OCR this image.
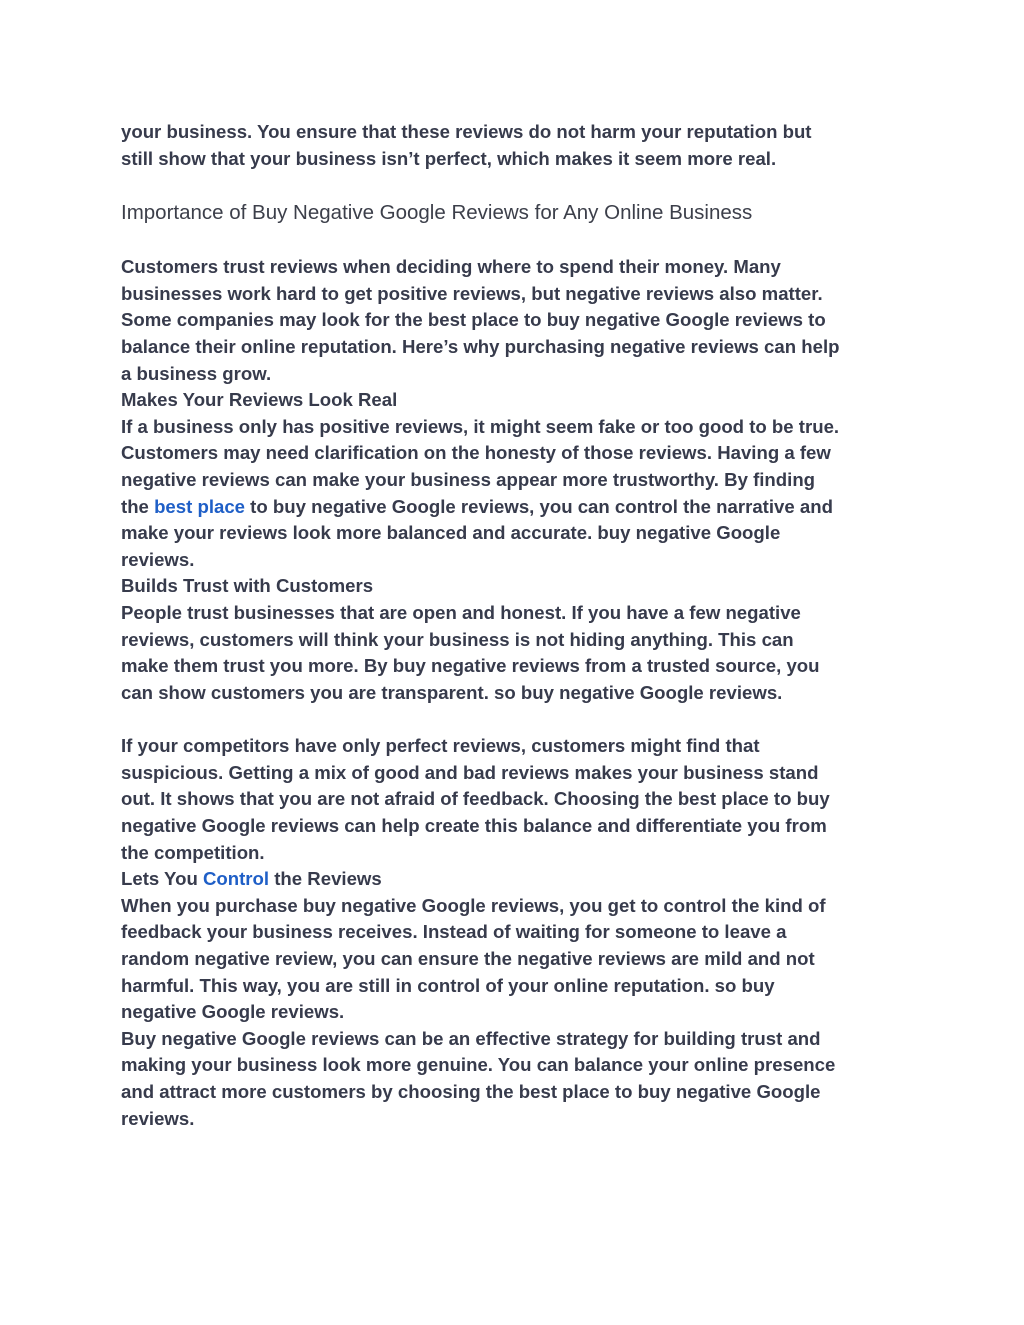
your business. You ensure that these reviews do not harm your reputation but
still show that your business isn’t perfect, which makes it seem more real.

Importance of Buy Negative Google Reviews for Any Online Business

Customers trust reviews when deciding where to spend their money. Many
businesses work hard to get positive reviews, but negative reviews also matter.
Some companies may look for the best place to buy negative Google reviews to
balance their online reputation. Here’s why purchasing negative reviews can help
a business grow.
Makes Your Reviews Look Real
If a business only has positive reviews, it might seem fake or too good to be true.
Customers may need clarification on the honesty of those reviews. Having a few
negative reviews can make your business appear more trustworthy. By finding
the best place to buy negative Google reviews, you can control the narrative and
make your reviews look more balanced and accurate. buy negative Google
reviews.
Builds Trust with Customers
People trust businesses that are open and honest. If you have a few negative
reviews, customers will think your business is not hiding anything. This can
make them trust you more. By buy negative reviews from a trusted source, you
can show customers you are transparent. so buy negative Google reviews.

If your competitors have only perfect reviews, customers might find that
suspicious. Getting a mix of good and bad reviews makes your business stand
out. It shows that you are not afraid of feedback. Choosing the best place to buy
negative Google reviews can help create this balance and differentiate you from
the competition.
Lets You Control the Reviews
When you purchase buy negative Google reviews, you get to control the kind of
feedback your business receives. Instead of waiting for someone to leave a
random negative review, you can ensure the negative reviews are mild and not
harmful. This way, you are still in control of your online reputation. so buy
negative Google reviews.
Buy negative Google reviews can be an effective strategy for building trust and
making your business look more genuine. You can balance your online presence
and attract more customers by choosing the best place to buy negative Google
reviews.
